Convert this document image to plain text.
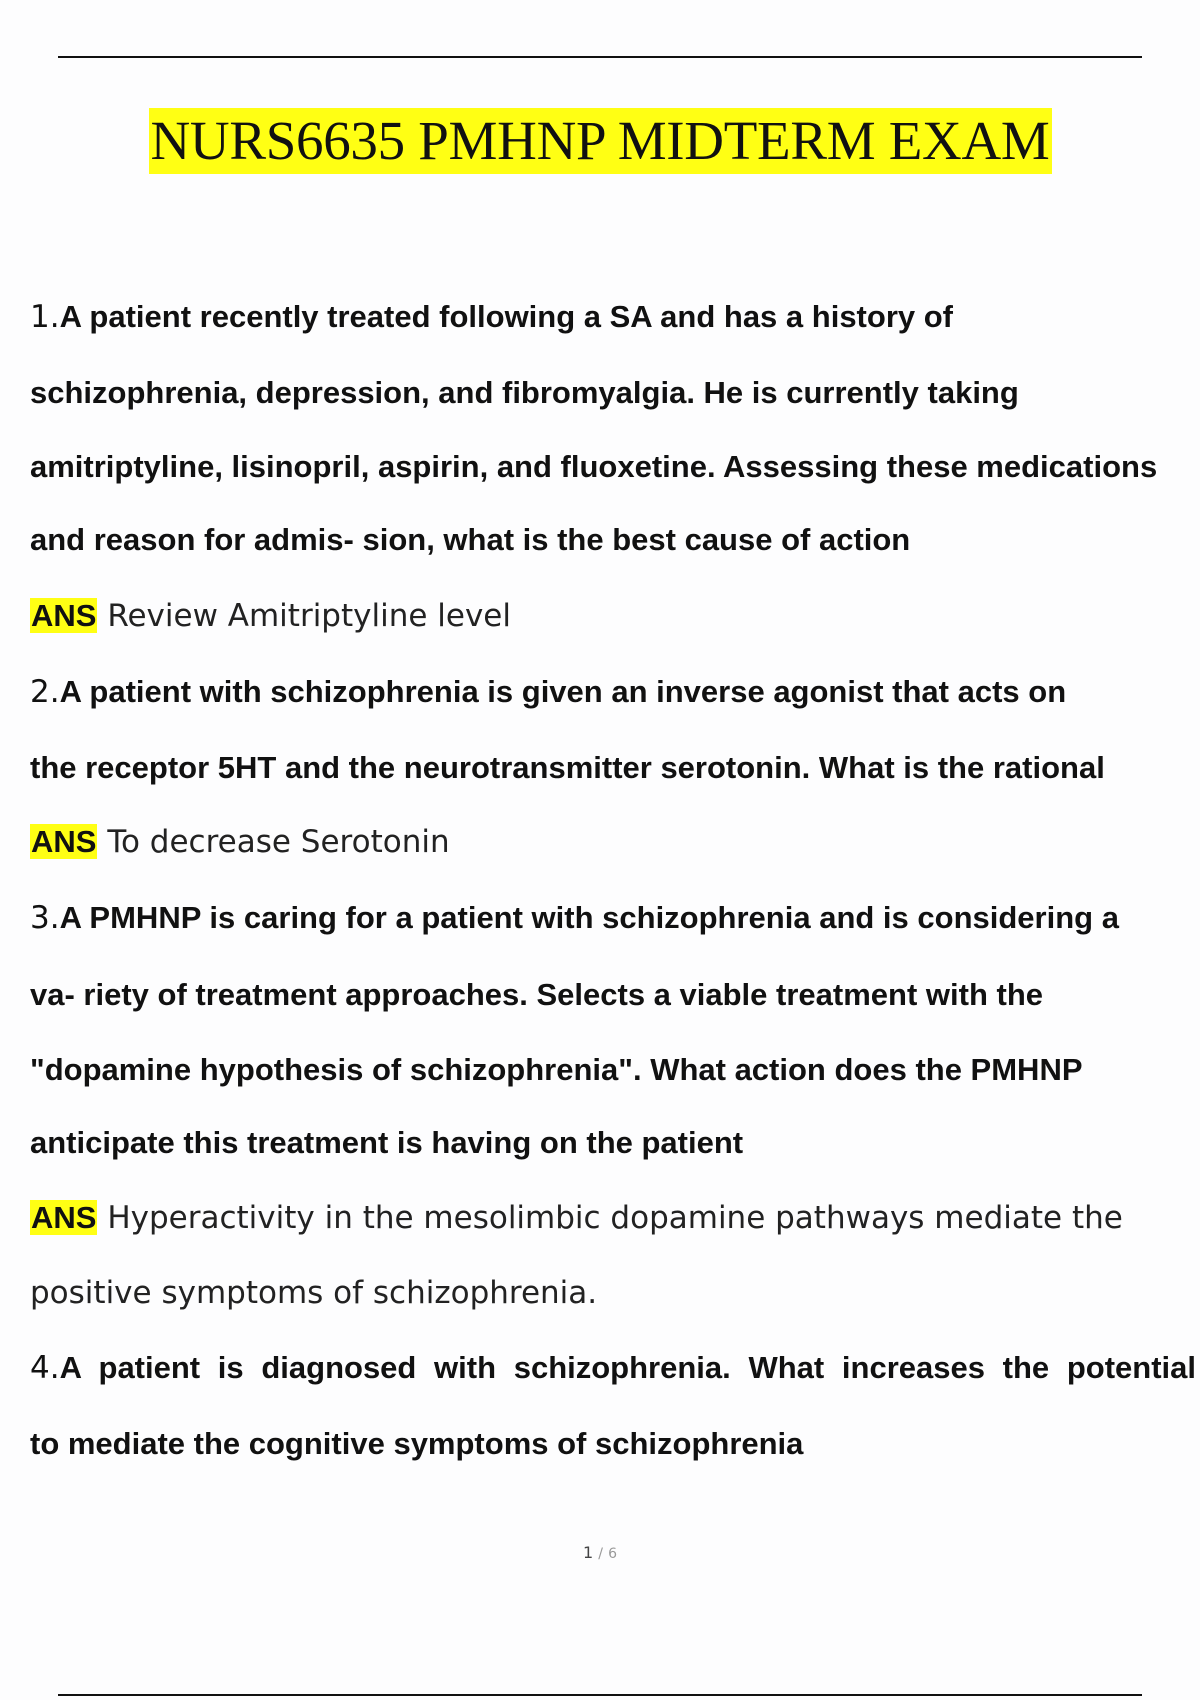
NURS6635 PMHNP MIDTERM EXAM
1.A patient recently treated following a SA and has a history of
schizophrenia, depression, and fibromyalgia. He is currently taking
amitriptyline, lisinopril, aspirin, and fluoxetine. Assessing these medications
and reason for admis- sion, what is the best cause of action
ANS Review Amitriptyline level
2.A patient with schizophrenia is given an inverse agonist that acts on
the receptor 5HT and the neurotransmitter serotonin. What is the rational
ANS To decrease Serotonin
3.A PMHNP is caring for a patient with schizophrenia and is considering a
va- riety of treatment approaches. Selects a viable treatment with the
"dopamine hypothesis of schizophrenia". What action does the PMHNP
anticipate this treatment is having on the patient
ANS Hyperactivity in the mesolimbic dopamine pathways mediate the
positive symptoms of schizophrenia.
4.A patient is diagnosed with schizophrenia. What increases the potential
to mediate the cognitive symptoms of schizophrenia
1 / 6
